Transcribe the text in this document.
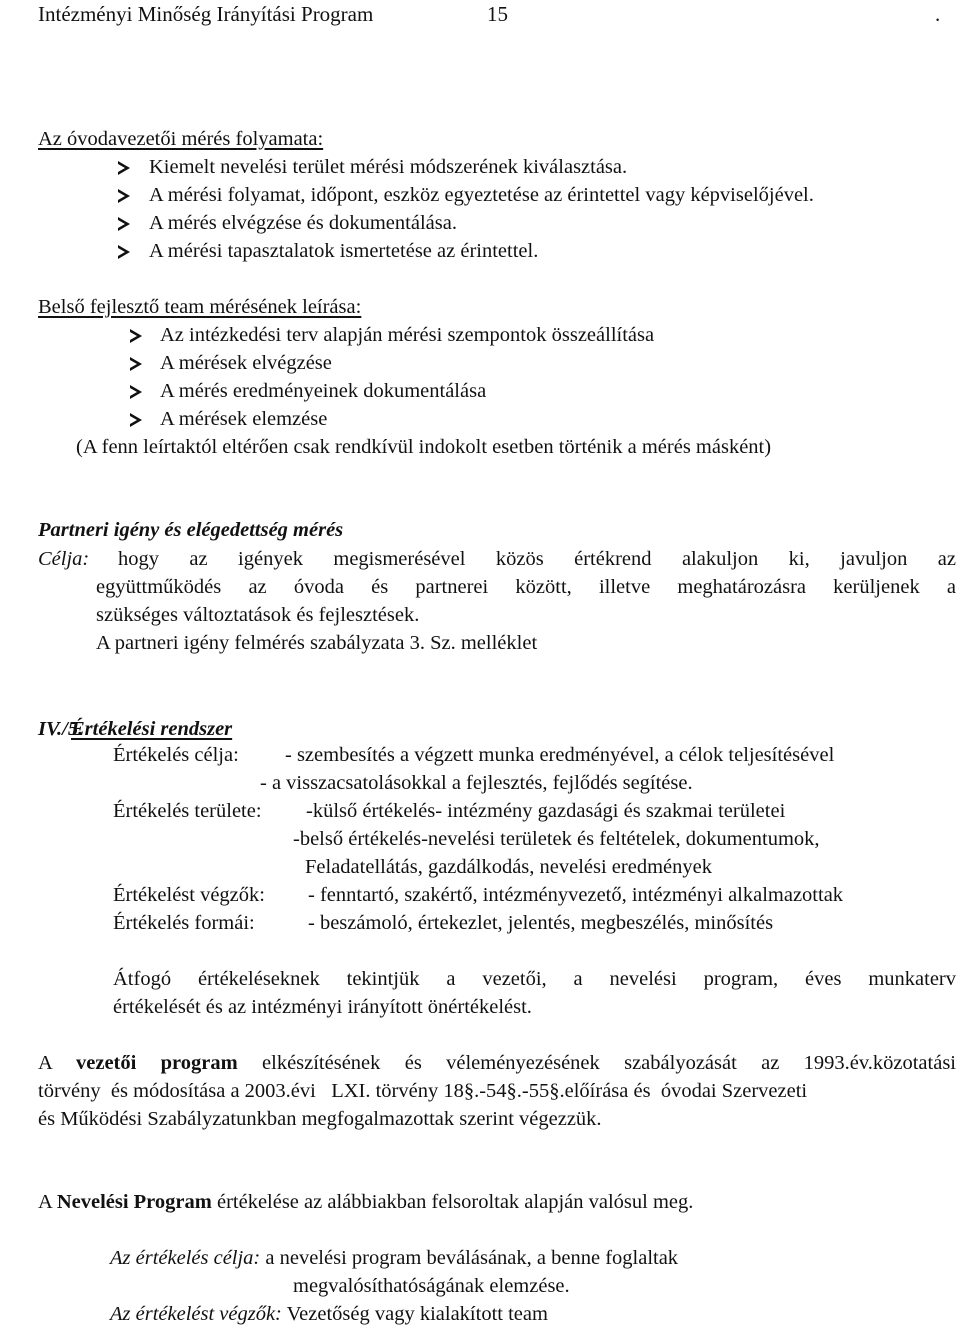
Intézményi Minőség Irányítási Program	15	.
Az óvodavezetői mérés folyamata:
Kiemelt nevelési terület mérési módszerének kiválasztása.
A mérési folyamat, időpont, eszköz egyeztetése az érintettel vagy képviselőjével.
A mérés elvégzése és dokumentálása.
A mérési tapasztalatok ismertetése az érintettel.
Belső fejlesztő team mérésének leírása:
Az intézkedési terv alapján mérési szempontok összeállítása
A mérések elvégzése
A mérés eredményeinek dokumentálása
A mérések elemzése
(A fenn leírtaktól eltérően csak rendkívül indokolt esetben történik a mérés másként)
Partneri igény és elégedettség mérés
Célja: hogy az igények megismerésével közös értékrend alakuljon ki, javuljon az
együttműködés az óvoda és partnerei között, illetve meghatározásra kerüljenek a
szükséges változtatások és fejlesztések.
A partneri igény felmérés szabályzata 3. Sz. melléklet
IV./5.
Értékelési rendszer
Értékelés célja: - szembesítés a végzett munka eredményével, a célok teljesítésével
- a visszacsatolásokkal a fejlesztés, fejlődés segítése.
Értékelés területe: -külső értékelés- intézmény gazdasági és szakmai területei
-belső értékelés-nevelési területek és feltételek, dokumentumok,
Feladatellátás, gazdálkodás, nevelési eredmények
Értékelést végzők: - fenntartó, szakértő, intézményvezető, intézményi alkalmazottak
Értékelés formái:	- beszámoló, értekezlet, jelentés, megbeszélés, minősítés
Átfogó értékeléseknek tekintjük a vezetői, a nevelési program, éves munkaterv
értékelését és az intézményi irányított önértékelést.
A vezetői program elkészítésének és véleményezésének szabályozását az 1993.év.közotatási
törvény  és módosítása a 2003.évi   LXI. törvény 18§.-54§.-55§.előírása és  óvodai Szervezeti
és Működési Szabályzatunkban megfogalmazottak szerint végezzük.
A Nevelési Program értékelése az alábbiakban felsoroltak alapján valósul meg.
Az értékelés célja: a nevelési program beválásának, a benne foglaltak
megvalósíthatóságának elemzése.
Az értékelést végzők: Vezetőség vagy kialakított team
